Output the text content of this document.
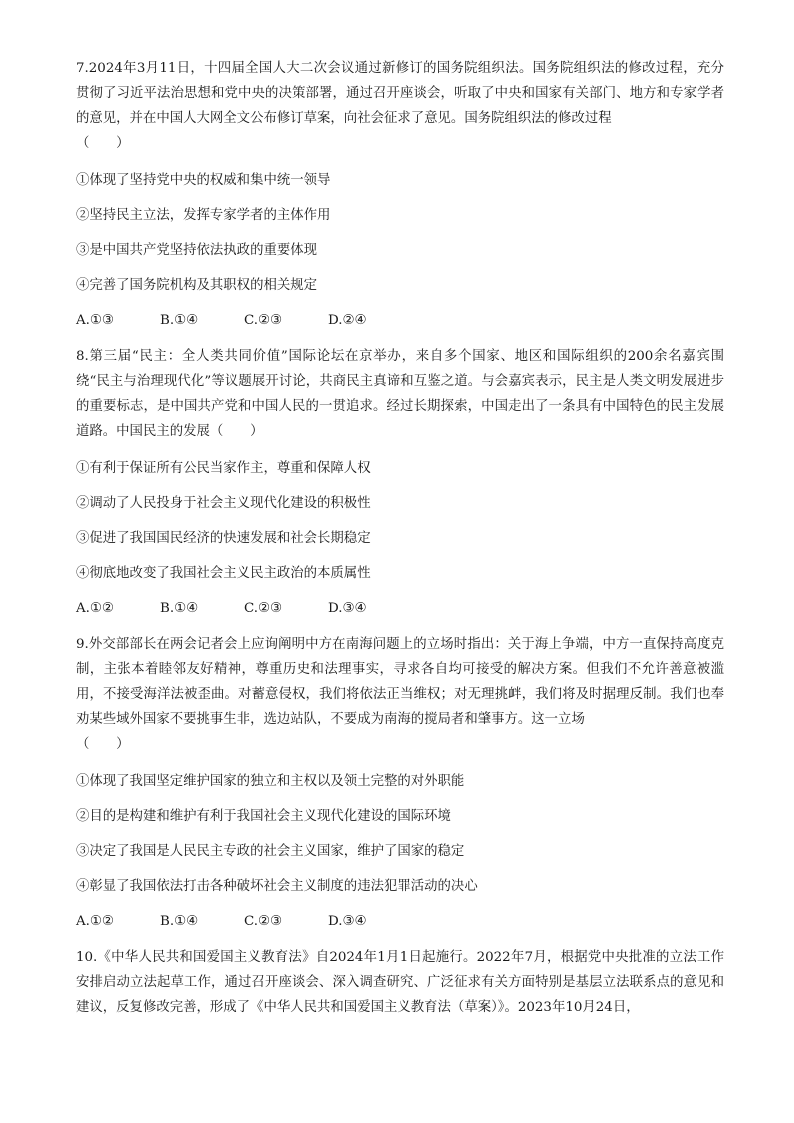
7.2024年3月11日，十四届全国人大二次会议通过新修订的国务院组织法。国务院组织法的修改过程，充分贯彻了习近平法治思想和党中央的决策部署，通过召开座谈会，听取了中央和国家有关部门、地方和专家学者的意见，并在中国人大网全文公布修订草案，向社会征求了意见。国务院组织法的修改过程

（　　）

①体现了坚持党中央的权威和集中统一领导

②坚持民主立法，发挥专家学者的主体作用

③是中国共产党坚持依法执政的重要体现

④完善了国务院机构及其职权的相关规定

A.①③	B.①④	C.②③	D.②④

8.第三届“民主：全人类共同价值”国际论坛在京举办，来自多个国家、地区和国际组织的200余名嘉宾围绕“民主与治理现代化”等议题展开讨论，共商民主真谛和互鉴之道。与会嘉宾表示，民主是人类文明发展进步的重要标志，是中国共产党和中国人民的一贯追求。经过长期探索，中国走出了一条具有中国特色的民主发展道路。中国民主的发展（　　）

①有利于保证所有公民当家作主，尊重和保障人权

②调动了人民投身于社会主义现代化建设的积极性

③促进了我国国民经济的快速发展和社会长期稳定

④彻底地改变了我国社会主义民主政治的本质属性

A.①②	B.①④	C.②③	D.③④

9.外交部部长在两会记者会上应询阐明中方在南海问题上的立场时指出：关于海上争端，中方一直保持高度克制，主张本着睦邻友好精神，尊重历史和法理事实，寻求各自均可接受的解决方案。但我们不允许善意被滥用，不接受海洋法被歪曲。对蓄意侵权，我们将依法正当维权；对无理挑衅，我们将及时据理反制。我们也奉劝某些域外国家不要挑事生非，选边站队，不要成为南海的搅局者和肇事方。这一立场

（　　）

①体现了我国坚定维护国家的独立和主权以及领土完整的对外职能

②目的是构建和维护有利于我国社会主义现代化建设的国际环境

③决定了我国是人民民主专政的社会主义国家，维护了国家的稳定

④彰显了我国依法打击各种破坏社会主义制度的违法犯罪活动的决心

A.①②	B.①④	C.②③	D.③④

10.《中华人民共和国爱国主义教育法》自2024年1月1日起施行。2022年7月，根据党中央批准的立法工作安排启动立法起草工作，通过召开座谈会、深入调查研究、广泛征求有关方面特别是基层立法联系点的意见和建议，反复修改完善，形成了《中华人民共和国爱国主义教育法（草案）》。2023年10月24日，
